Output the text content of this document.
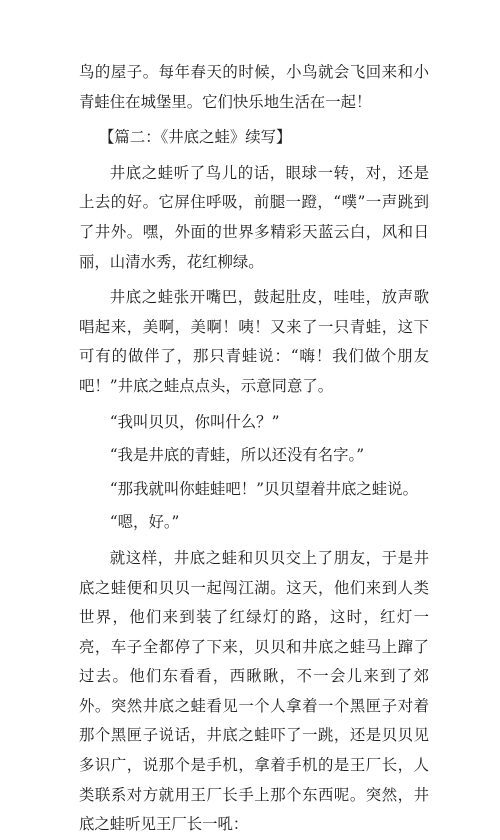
鸟的屋子。每年春天的时候，小鸟就会飞回来和小青蛙住在城堡里。它们快乐地生活在一起！

【篇二：《井底之蛙》续写】

井底之蛙听了鸟儿的话，眼球一转，对，还是上去的好。它屏住呼吸，前腿一蹬，“噗”一声跳到了井外。嘿，外面的世界多精彩天蓝云白，风和日丽，山清水秀，花红柳绿。

井底之蛙张开嘴巴，鼓起肚皮，哇哇，放声歌唱起来，美啊，美啊！咦！又来了一只青蛙，这下可有的做伴了，那只青蛙说：“嗨！我们做个朋友吧！”井底之蛙点点头，示意同意了。

“我叫贝贝，你叫什么？”

“我是井底的青蛙，所以还没有名字。”

“那我就叫你蛙蛙吧！”贝贝望着井底之蛙说。

“嗯，好。”

就这样，井底之蛙和贝贝交上了朋友，于是井底之蛙便和贝贝一起闯江湖。这天，他们来到人类世界，他们来到装了红绿灯的路，这时，红灯一亮，车子全都停了下来，贝贝和井底之蛙马上蹿了过去。他们东看看，西瞅瞅，不一会儿来到了郊外。突然井底之蛙看见一个人拿着一个黑匣子对着那个黑匣子说话，井底之蛙吓了一跳，还是贝贝见多识广，说那个是手机，拿着手机的是王厂长，人类联系对方就用王厂长手上那个东西呢。突然，井底之蛙听见王厂长一吼：
